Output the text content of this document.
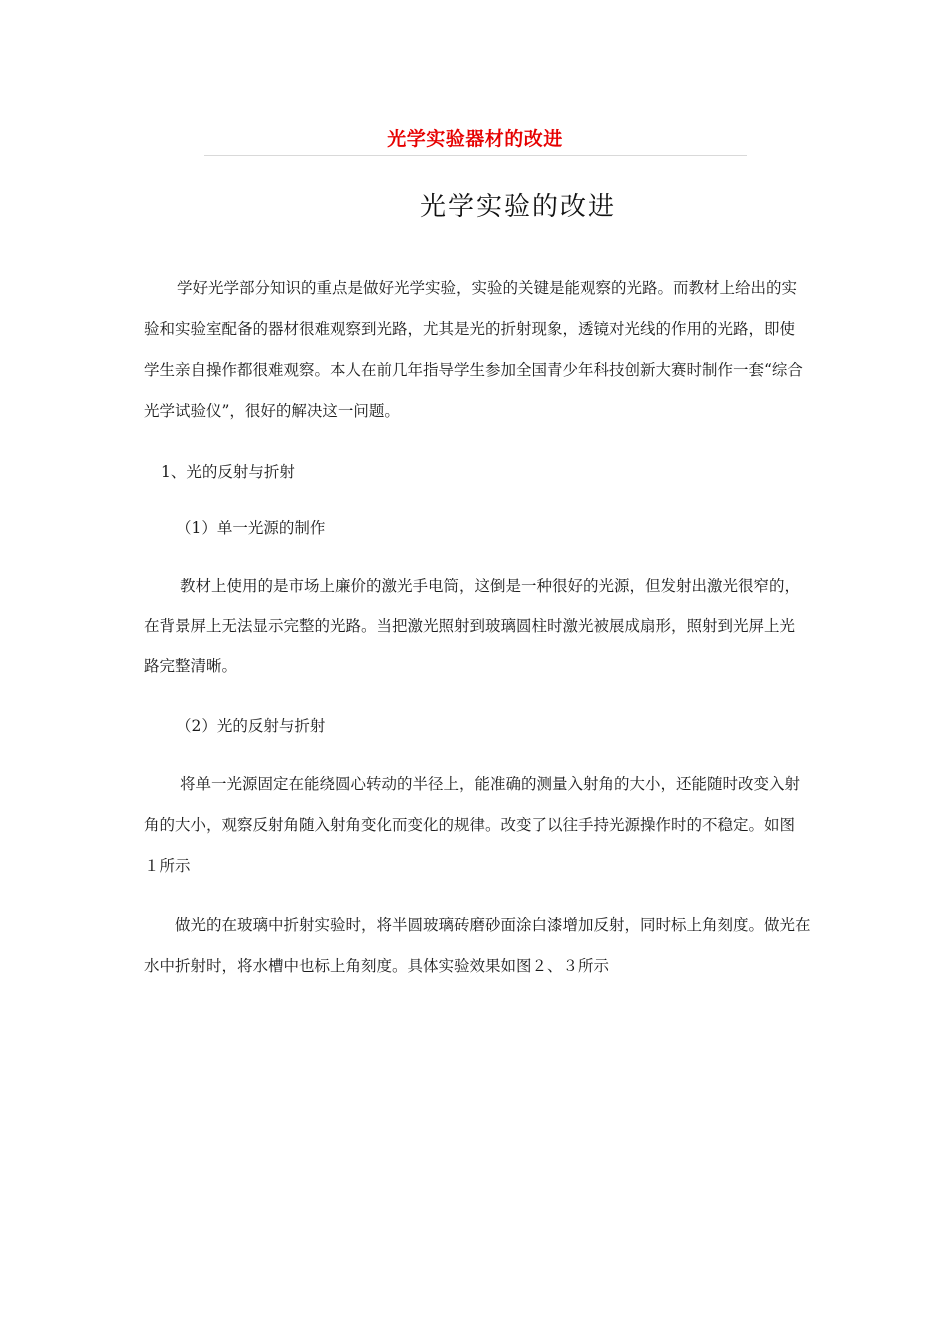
光学实验器材的改进
光学实验的改进
学好光学部分知识的重点是做好光学实验，实验的关键是能观察的光路。而教材上给出的实验和实验室配备的器材很难观察到光路，尤其是光的折射现象，透镜对光线的作用的光路，即使学生亲自操作都很难观察。本人在前几年指导学生参加全国青少年科技创新大赛时制作一套“综合光学试验仪”，很好的解决这一问题。
1、光的反射与折射
（1）单一光源的制作
教材上使用的是市场上廉价的激光手电筒，这倒是一种很好的光源，但发射出激光很窄的，在背景屏上无法显示完整的光路。当把激光照射到玻璃圆柱时激光被展成扇形，照射到光屏上光路完整清晰。
（2）光的反射与折射
将单一光源固定在能绕圆心转动的半径上，能准确的测量入射角的大小，还能随时改变入射角的大小，观察反射角随入射角变化而变化的规律。改变了以往手持光源操作时的不稳定。如图１所示
做光的在玻璃中折射实验时，将半圆玻璃砖磨砂面涂白漆增加反射，同时标上角刻度。做光在水中折射时，将水槽中也标上角刻度。具体实验效果如图２、３所示
